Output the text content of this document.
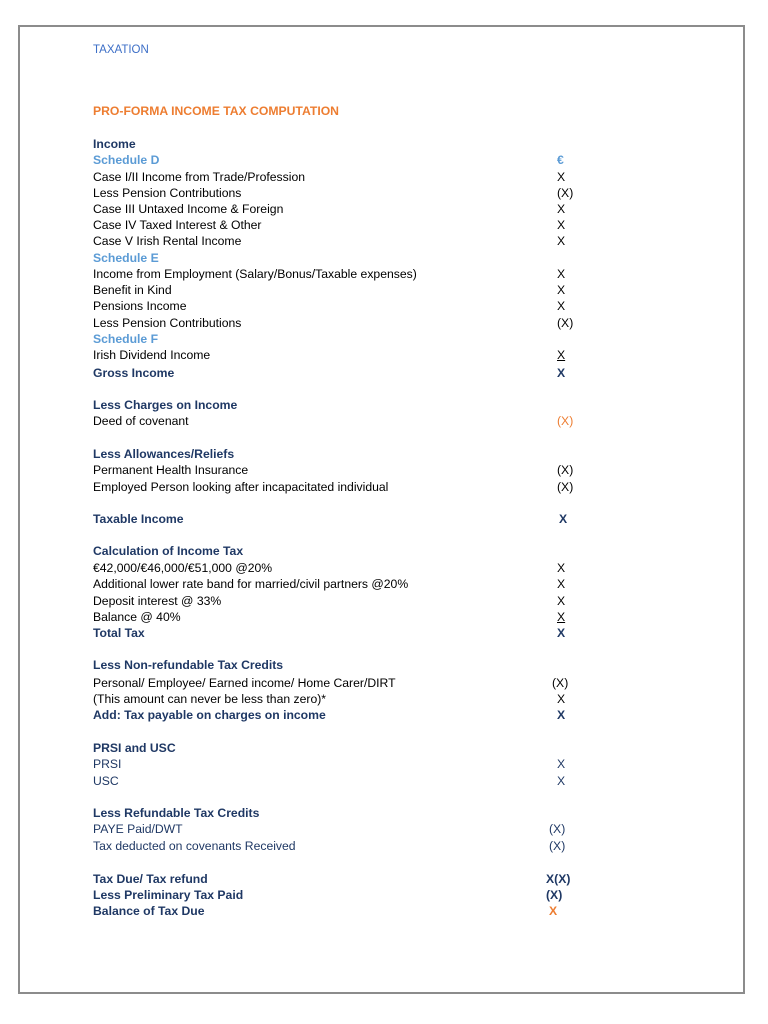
TAXATION
PRO-FORMA INCOME TAX COMPUTATION
Income
Schedule D	€
Case I/II Income from Trade/Profession	X
Less Pension Contributions	(X)
Case III Untaxed Income & Foreign	X
Case IV Taxed Interest & Other	X
Case V Irish Rental Income	X
Schedule E
Income from Employment (Salary/Bonus/Taxable expenses)	X
Benefit in Kind	X
Pensions Income	X
Less Pension Contributions	(X)
Schedule F
Irish Dividend Income	X
Gross Income	X
Less Charges on Income
Deed of covenant	(X)
Less Allowances/Reliefs
Permanent Health Insurance	(X)
Employed Person looking after incapacitated individual	(X)
Taxable Income	X
Calculation of Income Tax
€42,000/€46,000/€51,000 @20%	X
Additional lower rate band for married/civil partners @20%	X
Deposit interest @ 33%	X
Balance @ 40%	X
Total Tax	X
Less Non-refundable Tax Credits
Personal/ Employee/ Earned income/ Home Carer/DIRT	(X)
(This amount can never be less than zero)*	X
Add: Tax payable on charges on income	X
PRSI and USC
PRSI	X
USC	X
Less Refundable Tax Credits
PAYE Paid/DWT	(X)
Tax deducted on covenants Received	(X)
Tax Due/ Tax refund	X(X)
Less Preliminary Tax Paid	(X)
Balance of Tax Due	X
